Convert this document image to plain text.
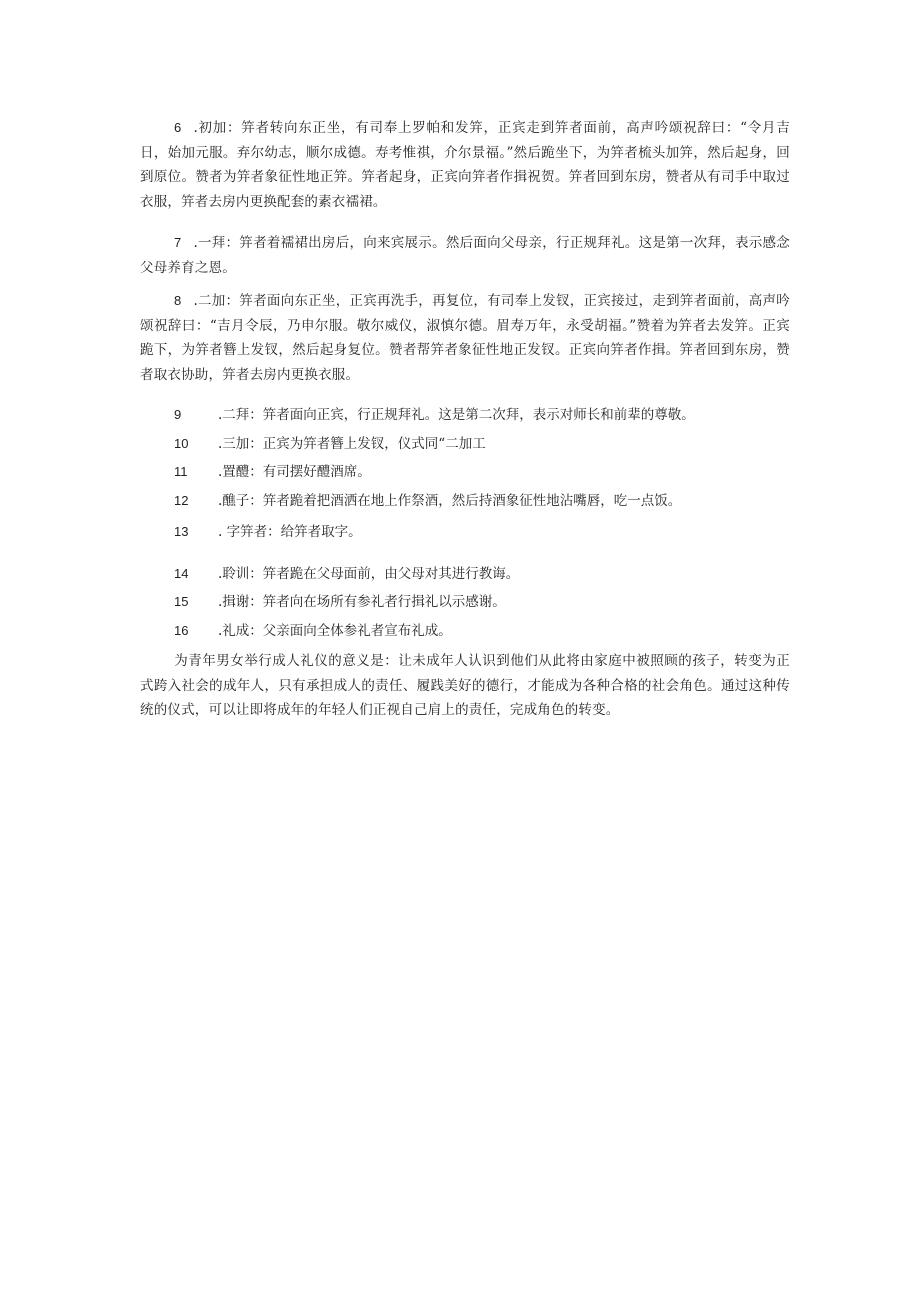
6 .初加：笄者转向东正坐，有司奉上罗帕和发笄，正宾走到笄者面前，高声吟颂祝辞曰：“令月吉日，始加元服。弃尔幼志，顺尔成德。寿考惟祺，介尔景福。”然后跪坐下，为笄者梳头加笄，然后起身，回到原位。赞者为笄者象征性地正笄。笄者起身，正宾向笄者作揖祝贺。笄者回到东房，赞者从有司手中取过衣服，笄者去房内更换配套的素衣襦裙。
7 .一拜：笄者着襦裙出房后，向来宾展示。然后面向父母亲，行正规拜礼。这是第一次拜，表示感念父母养育之恩。
8 .二加：笄者面向东正坐，正宾再洗手，再复位，有司奉上发钗，正宾接过，走到笄者面前，高声吟颂祝辞曰：“吉月令辰，乃申尔服。敬尔威仪，淑慎尔德。眉寿万年，永受胡福。”赞着为笄者去发笄。正宾跪下，为笄者簪上发钗，然后起身复位。赞者帮笄者象征性地正发钗。正宾向笄者作揖。笄者回到东房，赞者取衣协助，笄者去房内更换衣服。
9	.二拜：笄者面向正宾，行正规拜礼。这是第二次拜，表示对师长和前辈的尊敬。
10 .三加：正宾为笄者簪上发钗，仪式同“二加工
11 .置醴：有司摆好醴酒席。
12 .醮子：笄者跪着把酒洒在地上作祭酒，然后持酒象征性地沾嘴唇，吃一点饭。
13 . 字笄者：给笄者取字。
14 .聆训：笄者跪在父母面前，由父母对其进行教诲。
15 .揖谢：笄者向在场所有参礼者行揖礼以示感谢。
16 .礼成：父亲面向全体参礼者宣布礼成。
为青年男女举行成人礼仪的意义是：让未成年人认识到他们从此将由家庭中被照顾的孩子，转变为正式跨入社会的成年人，只有承担成人的责任、履践美好的德行，才能成为各种合格的社会角色。通过这种传统的仪式，可以让即将成年的年轻人们正视自己肩上的责任，完成角色的转变。
